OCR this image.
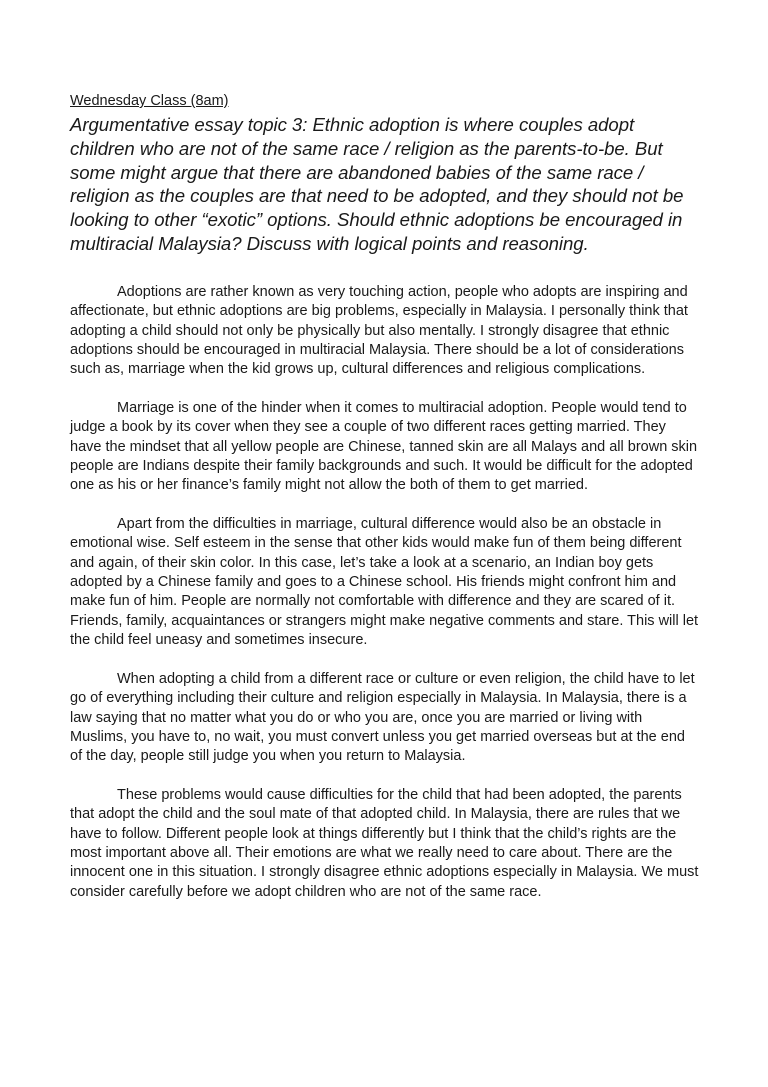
Wednesday Class (8am)
Argumentative essay topic 3: Ethnic adoption is where couples adopt children who are not of the same race / religion as the parents-to-be. But some might argue that there are abandoned babies of the same race / religion as the couples are that need to be adopted, and they should not be looking to other “exotic” options. Should ethnic adoptions be encouraged in multiracial Malaysia? Discuss with logical points and reasoning.

Adoptions are rather known as very touching action, people who adopts are inspiring and affectionate, but ethnic adoptions are big problems, especially in Malaysia. I personally think that adopting a child should not only be physically but also mentally. I strongly disagree that ethnic adoptions should be encouraged in multiracial Malaysia. There should be a lot of considerations such as, marriage when the kid grows up, cultural differences and religious complications.

Marriage is one of the hinder when it comes to multiracial adoption. People would tend to judge a book by its cover when they see a couple of two different races getting married. They have the mindset that all yellow people are Chinese, tanned skin are all Malays and all brown skin people are Indians despite their family backgrounds and such. It would be difficult for the adopted one as his or her finance’s family might not allow the both of them to get married.

Apart from the difficulties in marriage, cultural difference would also be an obstacle in emotional wise. Self esteem in the sense that other kids would make fun of them being different and again, of their skin color. In this case, let’s take a look at a scenario, an Indian boy gets adopted by a Chinese family and goes to a Chinese school. His friends might confront him and make fun of him. People are normally not comfortable with difference and they are scared of it. Friends, family, acquaintances or strangers might make negative comments and stare. This will let the child feel uneasy and sometimes insecure.

When adopting a child from a different race or culture or even religion, the child have to let go of everything including their culture and religion especially in Malaysia. In Malaysia, there is a law saying that no matter what you do or who you are, once you are married or living with Muslims, you have to, no wait, you must convert unless you get married overseas but at the end of the day, people still judge you when you return to Malaysia.

These problems would cause difficulties for the child that had been adopted, the parents that adopt the child and the soul mate of that adopted child. In Malaysia, there are rules that we have to follow. Different people look at things differently but I think that the child’s rights are the most important above all. Their emotions are what we really need to care about. There are the innocent one in this situation. I strongly disagree ethnic adoptions especially in Malaysia. We must consider carefully before we adopt children who are not of the same race.
